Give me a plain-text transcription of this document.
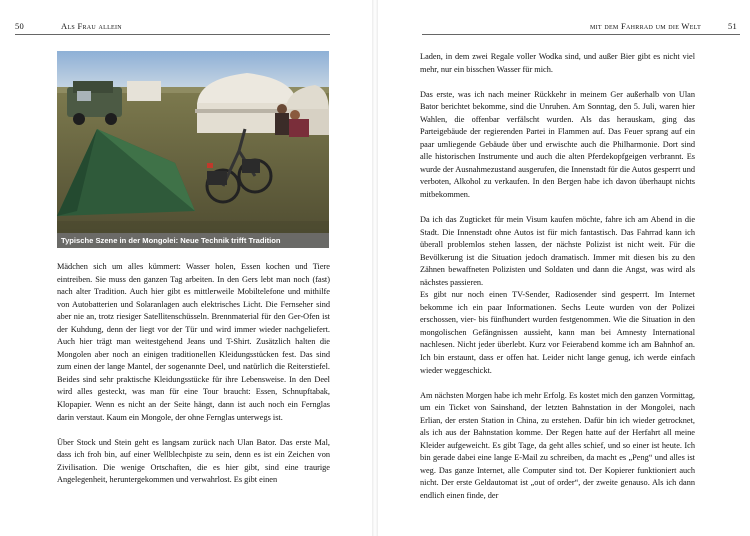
50	Als Frau allein
Typische Szene in der Mongolei: Neue Technik trifft Tradition

Mädchen sich um alles kümmert: Wasser holen, Essen kochen und Tiere eintreiben. Sie muss den ganzen Tag arbeiten. In den Gers lebt man noch (fast) nach alter Tradition. Auch hier gibt es mittlerweile Mobiltelefone und mithilfe von Autobatterien und Solaranlagen auch elektrisches Licht. Die Fernseher sind aber nie an, trotz riesiger Satellitenschüsseln. Brennmaterial für den Ger-Ofen ist der Kuhdung, denn der liegt vor der Tür und wird immer wieder nachgeliefert. Auch hier trägt man weitestgehend Jeans und T-Shirt. Zusätzlich halten die Mongolen aber noch an einigen traditionellen Kleidungsstücken fest. Das sind zum einen der lange Mantel, der sogenannte Deel, und natürlich die Reiterstiefel. Beides sind sehr praktische Kleidungsstücke für ihre Lebensweise. In den Deel wird alles gesteckt, was man für eine Tour braucht: Essen, Schnupftabak, Klopapier. Wenn es nicht an der Seite hängt, dann ist auch noch ein Fernglas darin verstaut. Kaum ein Mongole, der ohne Fernglas unterwegs ist.

Über Stock und Stein geht es langsam zurück nach Ulan Bator. Das erste Mal, dass ich froh bin, auf einer Wellblechpiste zu sein, denn es ist ein Zeichen von Zivilisation. Die wenige Ortschaften, die es hier gibt, sind eine traurige Angelegenheit, heruntergekommen und verwahrlost. Es gibt einen

mit dem Fahrrad um die Welt	51

Laden, in dem zwei Regale voller Wodka sind, und außer Bier gibt es nicht viel mehr, nur ein bisschen Wasser für mich.

Das erste, was ich nach meiner Rückkehr in meinem Ger außerhalb von Ulan Bator berichtet bekomme, sind die Unruhen. Am Sonntag, den 5. Juli, waren hier Wahlen, die offenbar verfälscht wurden. Als das herauskam, ging das Parteigebäude der regierenden Partei in Flammen auf. Das Feuer sprang auf ein paar umliegende Gebäude über und erwischte auch die Philharmonie. Dort sind alle historischen Instrumente und auch die alten Pferdekopfgeigen verbrannt. Es wurde der Ausnahmezustand ausgerufen, die Innenstadt für die Autos gesperrt und verboten, Alkohol zu verkaufen. In den Bergen habe ich davon überhaupt nichts mitbekommen.

Da ich das Zugticket für mein Visum kaufen möchte, fahre ich am Abend in die Stadt. Die Innenstadt ohne Autos ist für mich fantastisch. Das Fahrrad kann ich überall problemlos stehen lassen, der nächste Polizist ist nicht weit. Für die Bevölkerung ist die Situation jedoch dramatisch. Immer mit diesen bis zu den Zähnen bewaffneten Polizisten und Soldaten und dann die Angst, was wird als nächstes passieren.
Es gibt nur noch einen TV-Sender, Radiosender sind gesperrt. Im Internet bekomme ich ein paar Informationen. Sechs Leute wurden von der Polizei erschossen, vier- bis fünfhundert wurden festgenommen. Wie die Situation in den mongolischen Gefängnissen aussieht, kann man bei Amnesty International nachlesen. Nicht jeder überlebt. Kurz vor Feierabend komme ich am Bahnhof an. Ich bin erstaunt, dass er offen hat. Leider nicht lange genug, ich werde einfach wieder weggeschickt.

Am nächsten Morgen habe ich mehr Erfolg. Es kostet mich den ganzen Vormittag, um ein Ticket von Sainshand, der letzten Bahnstation in der Mongolei, nach Erlian, der ersten Station in China, zu erstehen. Dafür bin ich wieder getrocknet, als ich aus der Bahnstation komme. Der Regen hatte auf der Herfahrt all meine Kleider aufgeweicht. Es gibt Tage, da geht alles schief, und so einer ist heute. Ich bin gerade dabei eine lange E-Mail zu schreiben, da macht es „Peng“ und alles ist weg. Das ganze Internet, alle Computer sind tot. Der Kopierer funktioniert auch nicht. Der erste Geldautomat ist „out of order“, der zweite genauso. Als ich dann endlich einen finde, der
